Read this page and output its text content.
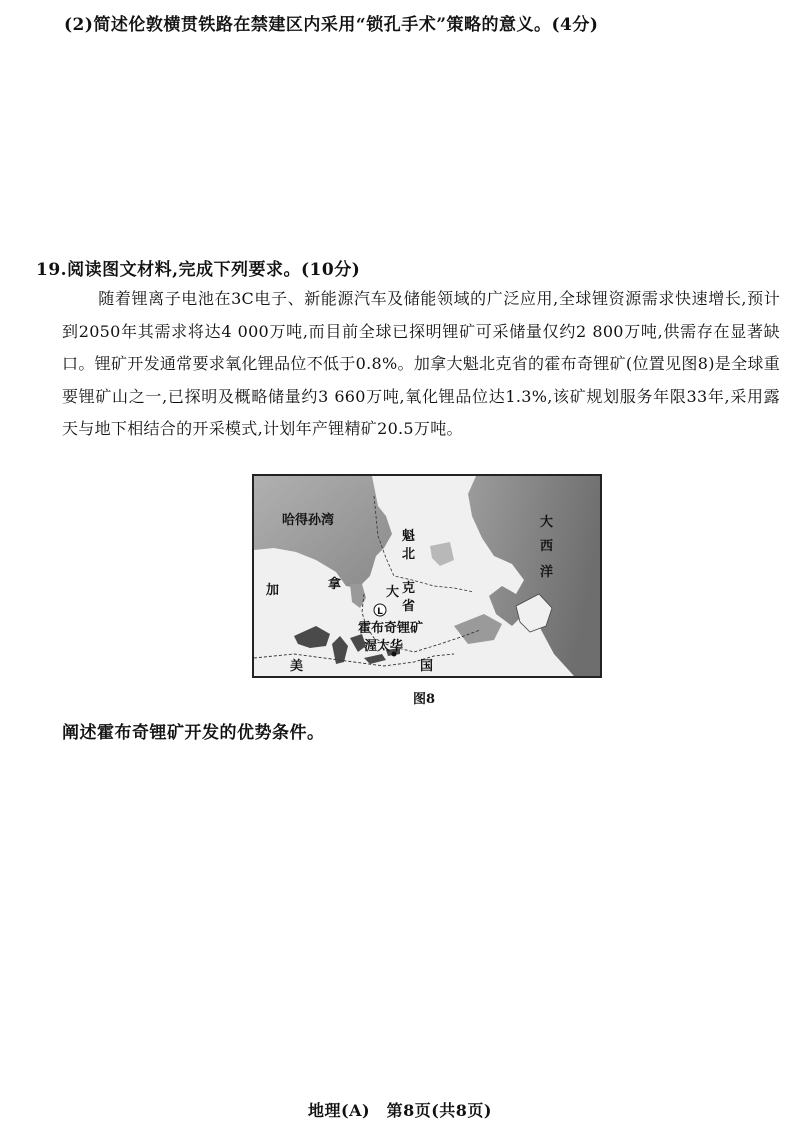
(2)简述伦敦横贯铁路在禁建区内采用“锁孔手术”策略的意义。(4分)
19.阅读图文材料,完成下列要求。(10分)
随着锂离子电池在3C电子、新能源汽车及储能领域的广泛应用,全球锂资源需求快速增长,预计到2050年其需求将达4 000万吨,而目前全球已探明锂矿可采储量仅约2 800万吨,供需存在显著缺口。锂矿开发通常要求氧化锂品位不低于0.8%。加拿大魁北克省的霍布奇锂矿(位置见图8)是全球重要锂矿山之一,已探明及概略储量约3 660万吨,氧化锂品位达1.3%,该矿规划服务年限33年,采用露天与地下相结合的开采模式,计划年产锂精矿20.5万吨。
哈得孙湾
魁
北
克
省
加	拿
大
大
西
洋
L
霍布奇锂矿
渥太华
美	国
图8
阐述霍布奇锂矿开发的优势条件。
地理(A)　第8页(共8页)
